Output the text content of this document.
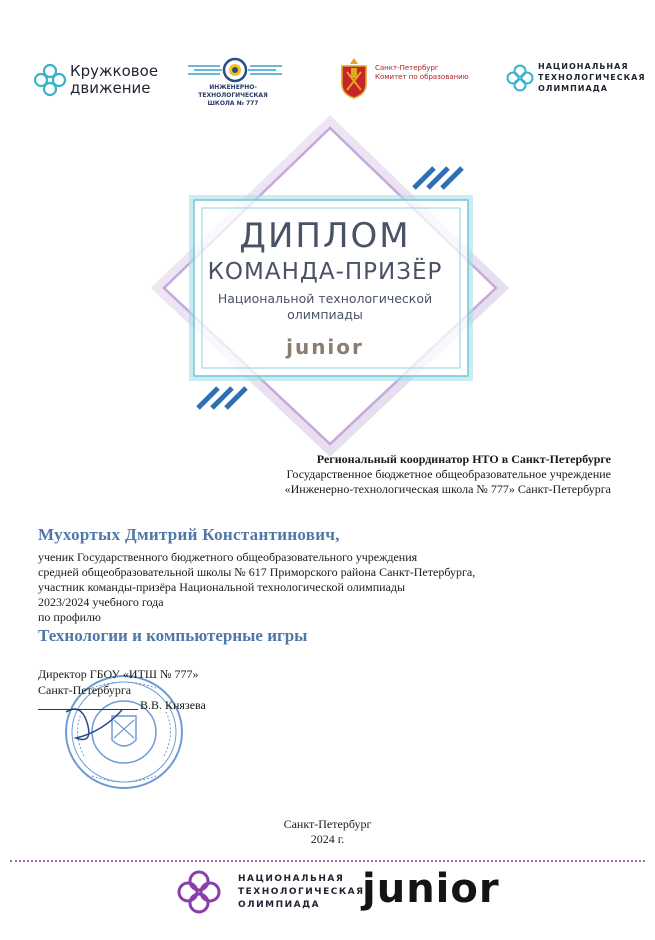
Кружковое
движение	ИНЖЕНЕРНО-ТЕХНОЛОГИЧЕСКАЯ
ШКОЛА № 777
Санкт-Петербург
Комитет по образованию
НАЦИОНАЛЬНАЯ
ТЕХНОЛОГИЧЕСКАЯ
ОЛИМПИАДА
ДИПЛОМ
КОМАНДА-ПРИЗЁР
Национальной технологической
олимпиады
junior
Региональный координатор НТО в Санкт-Петербурге
Государственное бюджетное общеобразовательное учреждение
«Инженерно-технологическая школа № 777» Санкт-Петербурга
Мухортых Дмитрий Константинович,
ученик Государственного бюджетного общеобразовательного учреждения
средней общеобразовательной школы № 617 Приморского района Санкт-Петербурга,
участник команды-призёра Национальной технологической олимпиады
2023/2024 учебного года
по профилю
Технологии и компьютерные игры
Директор ГБОУ «ИТШ № 777»
Санкт-Петербурга
В.В. Князева
Санкт-Петербург
2024 г.
НАЦИОНАЛЬНАЯ
ТЕХНОЛОГИЧЕСКАЯ
ОЛИМПИАДА	junior
